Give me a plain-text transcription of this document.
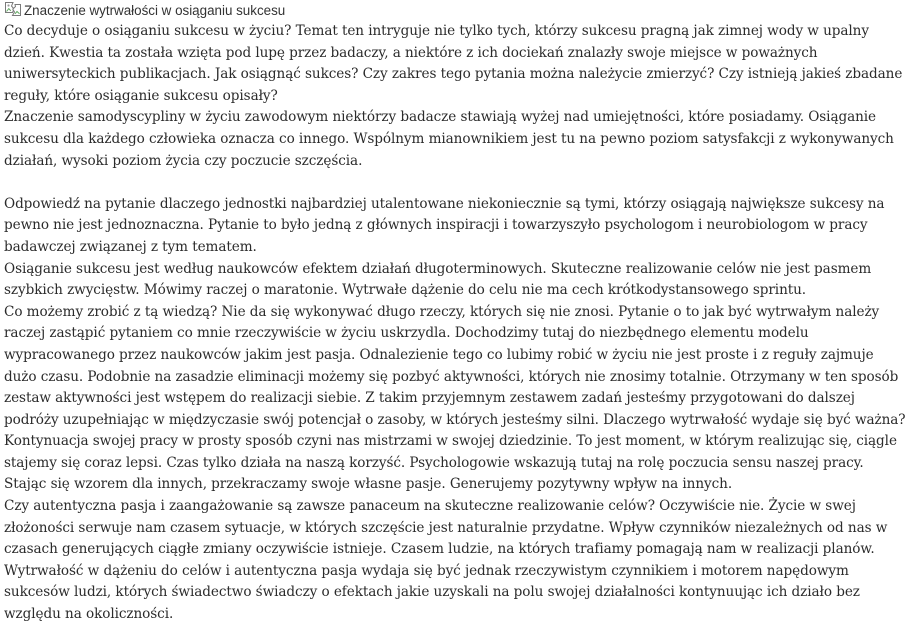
Znaczenie wytrwałości w osiąganiu sukcesu

Co decyduje o osiąganiu sukcesu w życiu? Temat ten intryguje nie tylko tych, którzy sukcesu pragną jak zimnej wody w upalny dzień. Kwestia ta została wzięta pod lupę przez badaczy, a niektóre z ich dociekań znalazły swoje miejsce w poważnych uniwersyteckich publikacjach. Jak osiągnąć sukces? Czy zakres tego pytania można należycie zmierzyć? Czy istnieją jakieś zbadane reguły, które osiąganie sukcesu opisały?

Znaczenie samodyscypliny w życiu zawodowym niektórzy badacze stawiają wyżej nad umiejętności, które posiadamy. Osiąganie sukcesu dla każdego człowieka oznacza co innego. Wspólnym mianownikiem jest tu na pewno poziom satysfakcji z wykonywanych działań, wysoki poziom życia czy poczucie szczęścia.

Odpowiedź na pytanie dlaczego jednostki najbardziej utalentowane niekoniecznie są tymi, którzy osiągają największe sukcesy na pewno nie jest jednoznaczna. Pytanie to było jedną z głównych inspiracji i towarzyszyło psychologom i neurobiologom w pracy badawczej związanej z tym tematem.

Osiąganie sukcesu jest według naukowców efektem działań długoterminowych. Skuteczne realizowanie celów nie jest pasmem szybkich zwycięstw. Mówimy raczej o maratonie. Wytrwałe dążenie do celu nie ma cech krótkodystansowego sprintu.

Co możemy zrobić z tą wiedzą? Nie da się wykonywać długo rzeczy, których się nie znosi. Pytanie o to jak być wytrwałym należy raczej zastąpić pytaniem co mnie rzeczywiście w życiu uskrzydla. Dochodzimy tutaj do niezbędnego elementu modelu wypracowanego przez naukowców jakim jest pasja. Odnalezienie tego co lubimy robić w życiu nie jest proste i z reguły zajmuje dużo czasu. Podobnie na zasadzie eliminacji możemy się pozbyć aktywności, których nie znosimy totalnie. Otrzymany w ten sposób zestaw aktywności jest wstępem do realizacji siebie. Z takim przyjemnym zestawem zadań jesteśmy przygotowani do dalszej podróży uzupełniając w międzyczasie swój potencjał o zasoby, w których jesteśmy silni. Dlaczego wytrwałość wydaje się być ważna?

Kontynuacja swojej pracy w prosty sposób czyni nas mistrzami w swojej dziedzinie. To jest moment, w którym realizując się, ciągle stajemy się coraz lepsi. Czas tylko działa na naszą korzyść. Psychologowie wskazują tutaj na rolę poczucia sensu naszej pracy. Stając się wzorem dla innych, przekraczamy swoje własne pasje. Generujemy pozytywny wpływ na innych.

Czy autentyczna pasja i zaangażowanie są zawsze panaceum na skuteczne realizowanie celów? Oczywiście nie. Życie w swej złożoności serwuje nam czasem sytuacje, w których szczęście jest naturalnie przydatne. Wpływ czynników niezależnych od nas w czasach generujących ciągłe zmiany oczywiście istnieje. Czasem ludzie, na których trafiamy pomagają nam w realizacji planów. Wytrwałość w dążeniu do celów i autentyczna pasja wydaja się być jednak rzeczywistym czynnikiem i motorem napędowym sukcesów ludzi, których świadectwo świadczy o efektach jakie uzyskali na polu swojej działalności kontynuując ich działo bez względu na okoliczności.
